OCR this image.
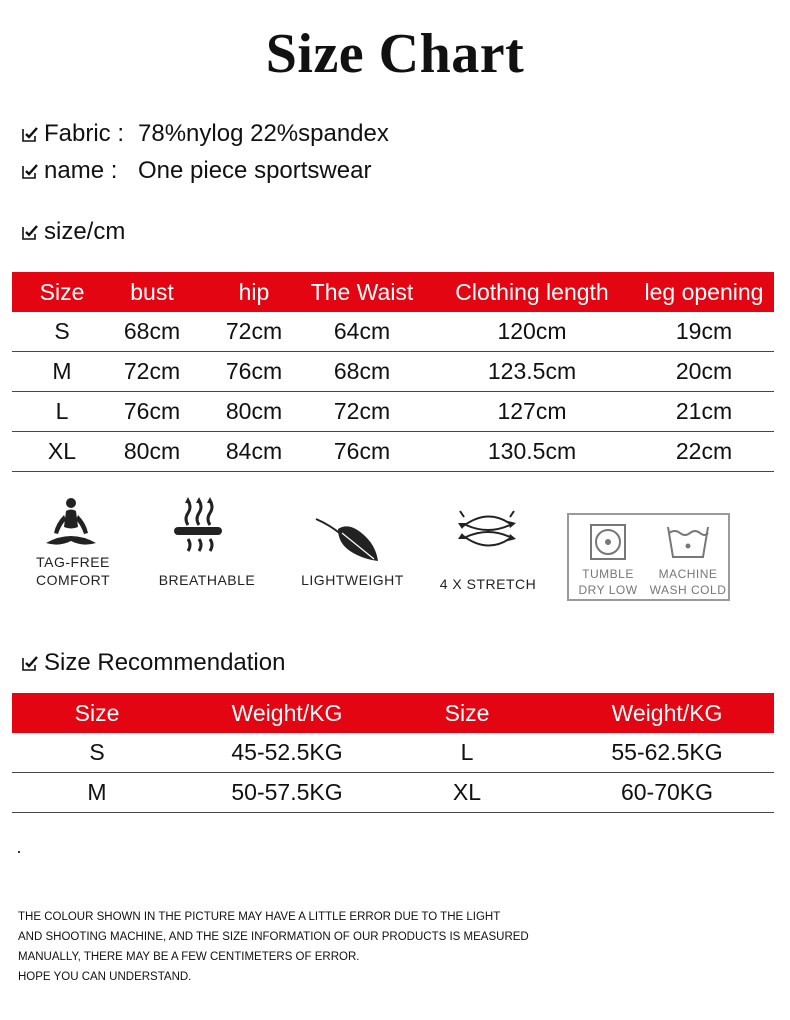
Size Chart
Fabric : 78%nylog 22%spandex
name : One piece sportswear
size/cm
Size	bust	hip	The Waist	Clothing length	leg opening
S	68cm	72cm	64cm	120cm	19cm
M	72cm	76cm	68cm	123.5cm	20cm
L	76cm	80cm	72cm	127cm	21cm
XL	80cm	84cm	76cm	130.5cm	22cm
TAG-FREE
COMFORT	BREATHABLE	LIGHTWEIGHT	4 X STRETCH
TUMBLE
DRY LOW
MACHINE
WASH COLD
Size Recommendation
Size	Weight/KG	Size	Weight/KG
S	45-52.5KG	L	55-62.5KG
M	50-57.5KG	XL	60-70KG
THE COLOUR SHOWN IN THE PICTURE MAY HAVE A LITTLE ERROR DUE TO THE LIGHT
AND SHOOTING MACHINE, AND THE SIZE INFORMATION OF OUR PRODUCTS IS MEASURED
MANUALLY, THERE MAY BE A FEW CENTIMETERS OF ERROR.
HOPE YOU CAN UNDERSTAND.
